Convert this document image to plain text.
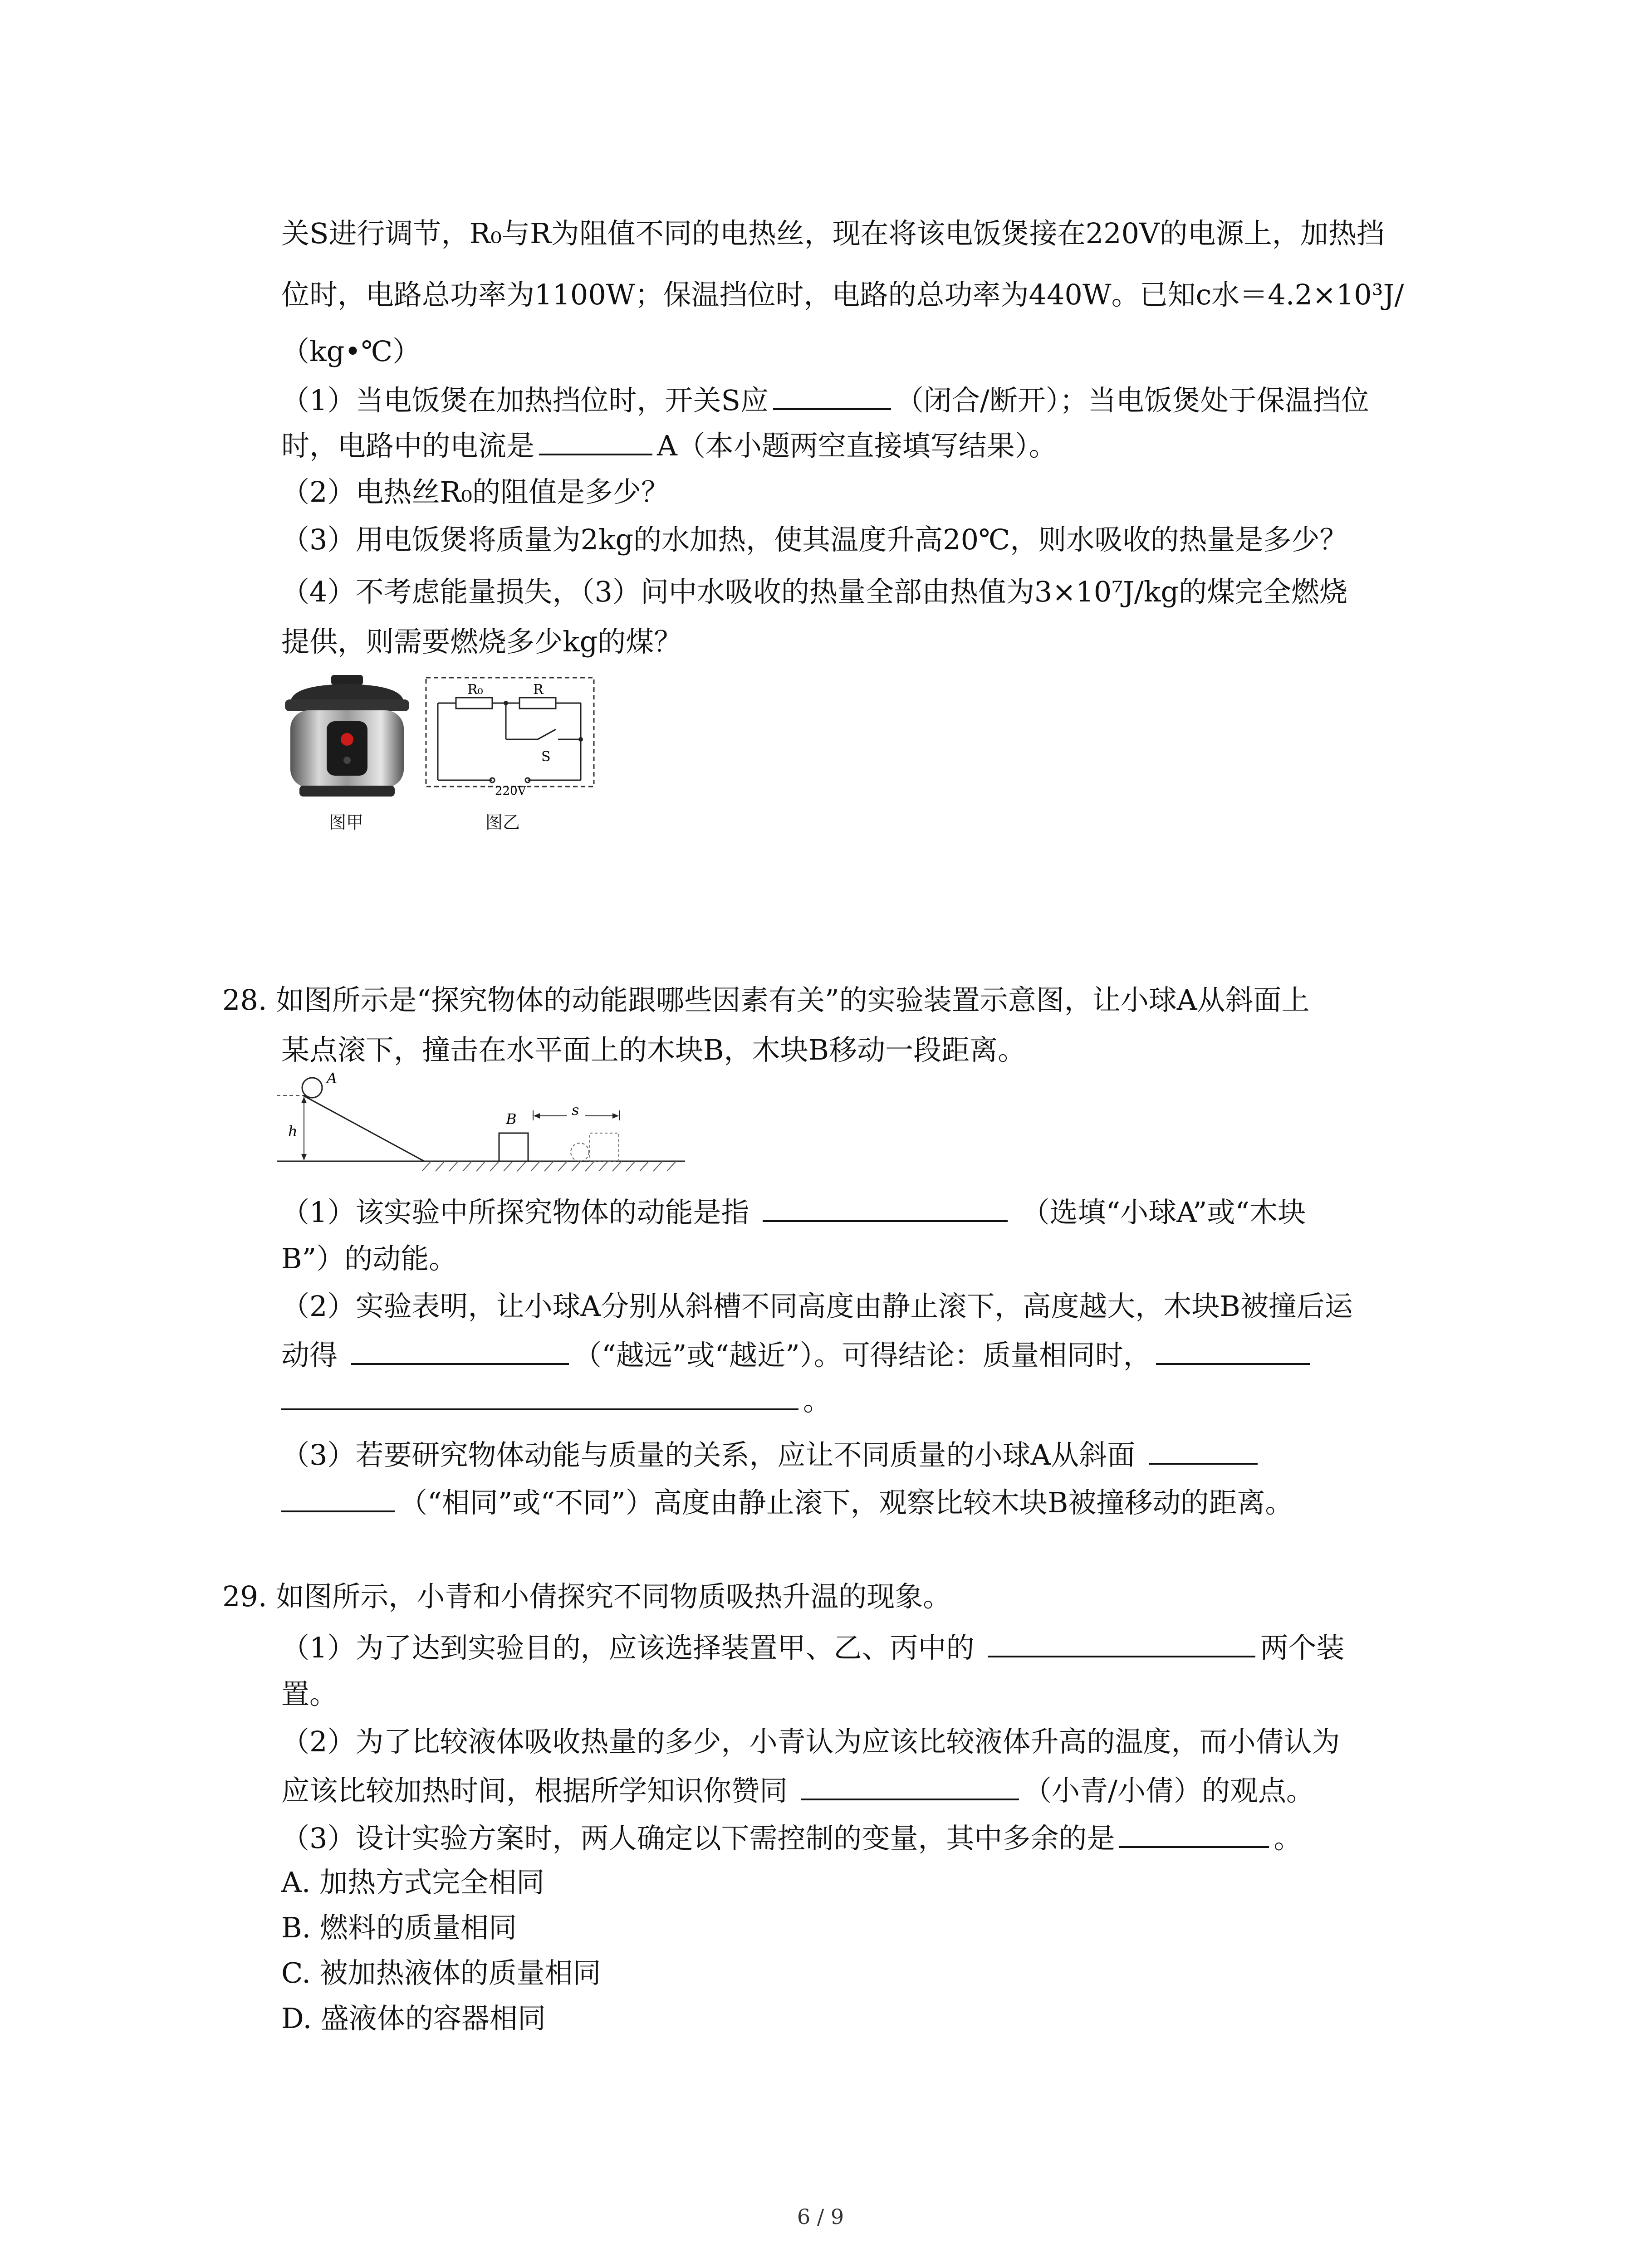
关S进行调节，R₀与R为阻值不同的电热丝，现在将该电饭煲接在220V的电源上，加热挡
位时，电路总功率为1100W；保温挡位时，电路的总功率为440W。已知c水＝4.2×10³J/
（kg•℃）
（1）当电饭煲在加热挡位时，开关S应	（闭合/断开）；当电饭煲处于保温挡位
时，电路中的电流是	A（本小题两空直接填写结果）。
（2）电热丝R₀的阻值是多少？
（3）用电饭煲将质量为2kg的水加热，使其温度升高20℃，则水吸收的热量是多少？
（4）不考虑能量损失，（3）问中水吸收的热量全部由热值为3×10⁷J/kg的煤完全燃烧
提供，则需要燃烧多少kg的煤？
图甲
R₀	R
S
220V
图乙
28. 如图所示是“探究物体的动能跟哪些因素有关”的实验装置示意图，让小球A从斜面上
某点滚下，撞击在水平面上的木块B，木块B移动一段距离。
A
h
B
s
（1）该实验中所探究物体的动能是指	（选填“小球A”或“木块
B”）的动能。
（2）实验表明，让小球A分别从斜槽不同高度由静止滚下，高度越大，木块B被撞后运
动得	（“越远”或“越近”）。可得结论：质量相同时，
。
（3）若要研究物体动能与质量的关系，应让不同质量的小球A从斜面
（“相同”或“不同”）高度由静止滚下，观察比较木块B被撞移动的距离。
29. 如图所示，小青和小倩探究不同物质吸热升温的现象。
（1）为了达到实验目的，应该选择装置甲、乙、丙中的	两个装
置。
（2）为了比较液体吸收热量的多少，小青认为应该比较液体升高的温度，而小倩认为
应该比较加热时间，根据所学知识你赞同	（小青/小倩）的观点。
（3）设计实验方案时，两人确定以下需控制的变量，其中多余的是	。
A. 加热方式完全相同
B. 燃料的质量相同
C. 被加热液体的质量相同
D. 盛液体的容器相同
6 / 9
